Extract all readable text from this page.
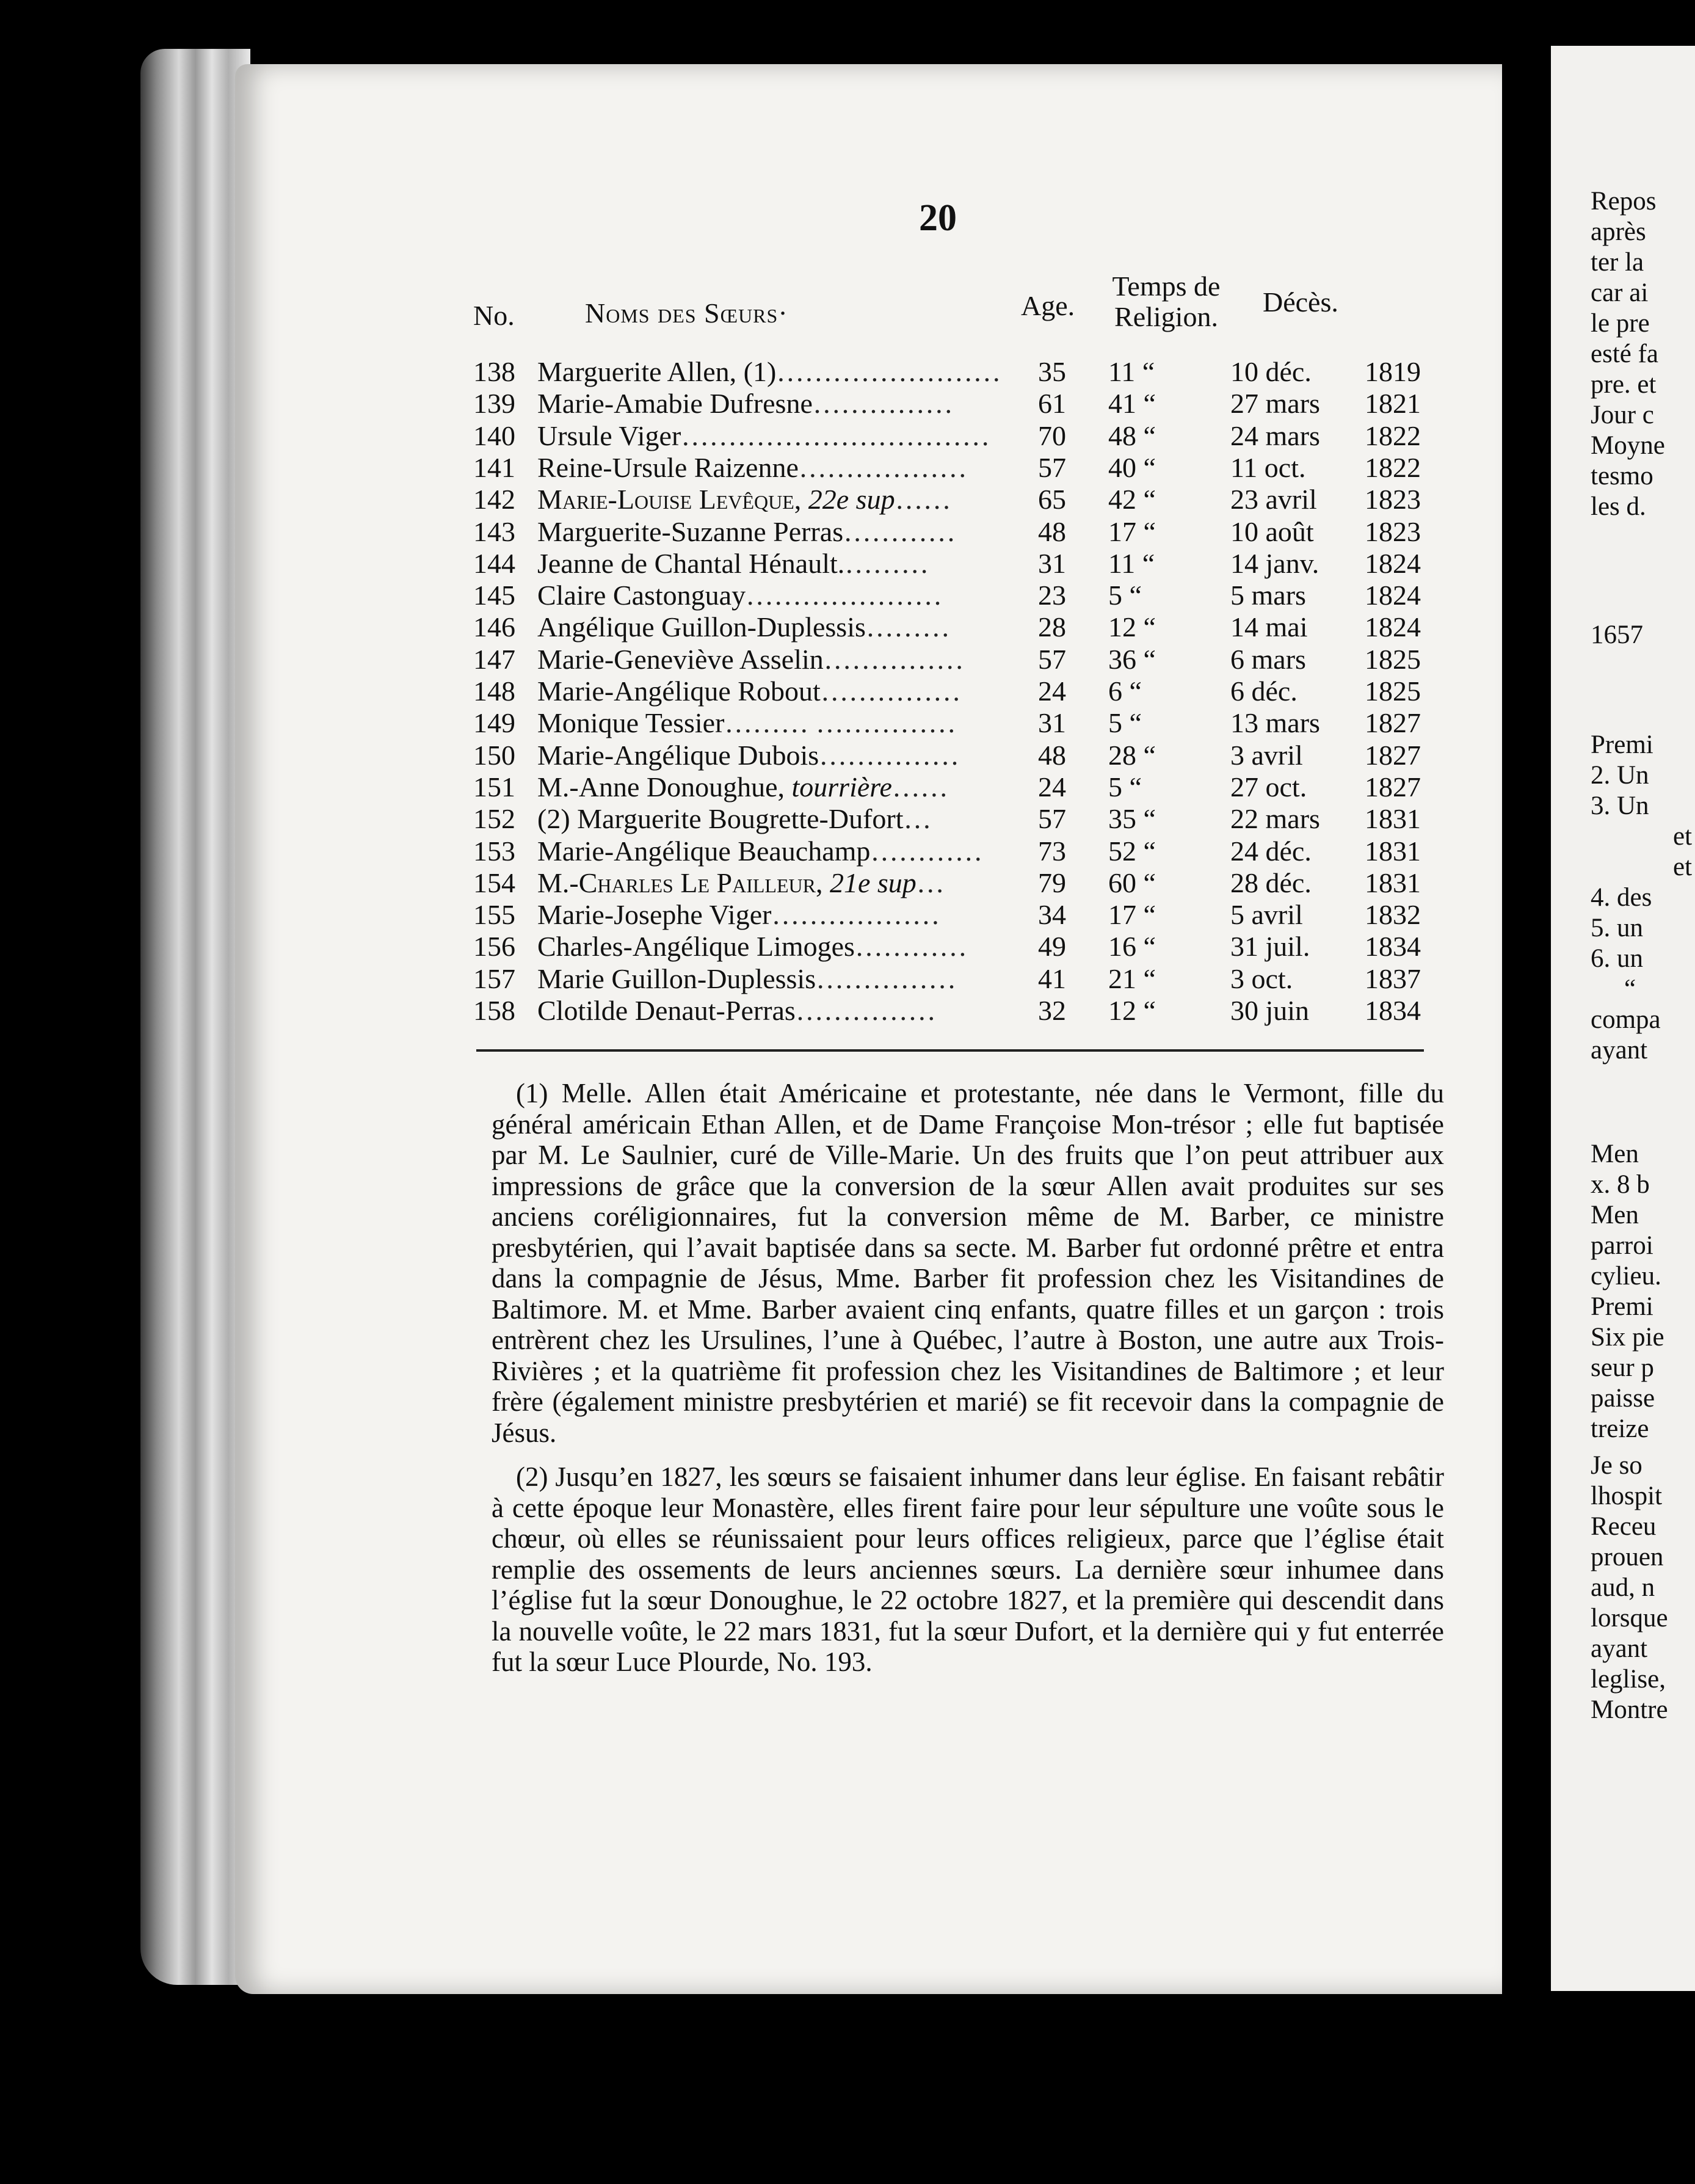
Repos
après
ter la
car ai
le pre
esté fa
pre. et
Jour c
Moyne
tesmo
les d.
1657
Premi
2. Un
3. Un
et
et
4. des
5. un
6. un
“
compa
ayant
Men
x. 8 b
Men
parroi
cylieu.
Premi
Six pie
seur p
paisse
treize
Je so
lhospit
Receu
prouen
aud, n
lorsque
ayant
leglise,
Montre
20
No.	Noms des Sœurs·	Age.
Temps de Religion.	Décès.
138 Marguerite Allen, (1)…………………… 35 11 “	10 déc. 1819
139 Marie-Amabie Dufresne……………	61 41 “	27 mars 1821
140 Ursule Viger…………………………… 70 48 “	24 mars 1822
141 Reine-Ursule Raizenne………………	57 40 “	11 oct. 1822
142 Marie-Louise Levêque, 22e sup……	65 42 “	23 avril 1823
143 Marguerite-Suzanne Perras…………	48 17 “	10 août 1823
144 Jeanne de Chantal Hénault.………	31 11 “	14 janv. 1824
145 Claire Castonguay…………………	23 5 “	5 mars 1824
146 Angélique Guillon-Duplessis………	28 12 “	14 mai 1824
147 Marie-Geneviève Asselin……………	57 36 “	6 mars 1825
148 Marie-Angélique Robout……………	24 6 “	6 déc. 1825
149 Monique Tessier……… ……………	31 5 “	13 mars 1827
150 Marie-Angélique Dubois……………	48 28 “	3 avril 1827
151 M.-Anne Donoughue, tourrière……	24 5 “	27 oct. 1827
152 (2) Marguerite Bougrette-Dufort…	57 35 “	22 mars 1831
153 Marie-Angélique Beauchamp………… 73 52 “	24 déc. 1831
154 M.-Charles Le Pailleur, 21e sup…	79 60 “	28 déc. 1831
155 Marie-Josephe Viger………………	34 17 “	5 avril 1832
156 Charles-Angélique Limoges…………	49 16 “	31 juil. 1834
157 Marie Guillon-Duplessis……………	41 21 “	3 oct.	1837
158 Clotilde Denaut-Perras……………	32 12 “	30 juin 1834

(1) Melle. Allen était Américaine et protestante, née dans le Vermont, fille du général américain Ethan Allen, et de Dame Françoise Mon-trésor ; elle fut baptisée par M. Le Saulnier, curé de Ville-Marie. Un des fruits que l’on peut attribuer aux impressions de grâce que la conversion de la sœur Allen avait produites sur ses anciens coréligionnaires, fut la conversion même de M. Barber, ce ministre presbytérien, qui l’avait baptisée dans sa secte. M. Barber fut ordonné prêtre et entra dans la compagnie de Jésus, Mme. Barber fit profession chez les Visitandines de Baltimore. M. et Mme. Barber avaient cinq enfants, quatre filles et un garçon : trois entrèrent chez les Ursulines, l’une à Québec, l’autre à Boston, une autre aux Trois-Rivières ; et la quatrième fit profession chez les Visitandines de Baltimore ; et leur frère (également ministre presbytérien et marié) se fit recevoir dans la compagnie de Jésus.

(2) Jusqu’en 1827, les sœurs se faisaient inhumer dans leur église. En faisant rebâtir à cette époque leur Monastère, elles firent faire pour leur sépulture une voûte sous le chœur, où elles se réunissaient pour leurs offices religieux, parce que l’église était remplie des ossements de leurs anciennes sœurs. La dernière sœur inhumee dans l’église fut la sœur Donoughue, le 22 octobre 1827, et la première qui descendit dans la nouvelle voûte, le 22 mars 1831, fut la sœur Dufort, et la dernière qui y fut enterrée fut la sœur Luce Plourde, No. 193.
